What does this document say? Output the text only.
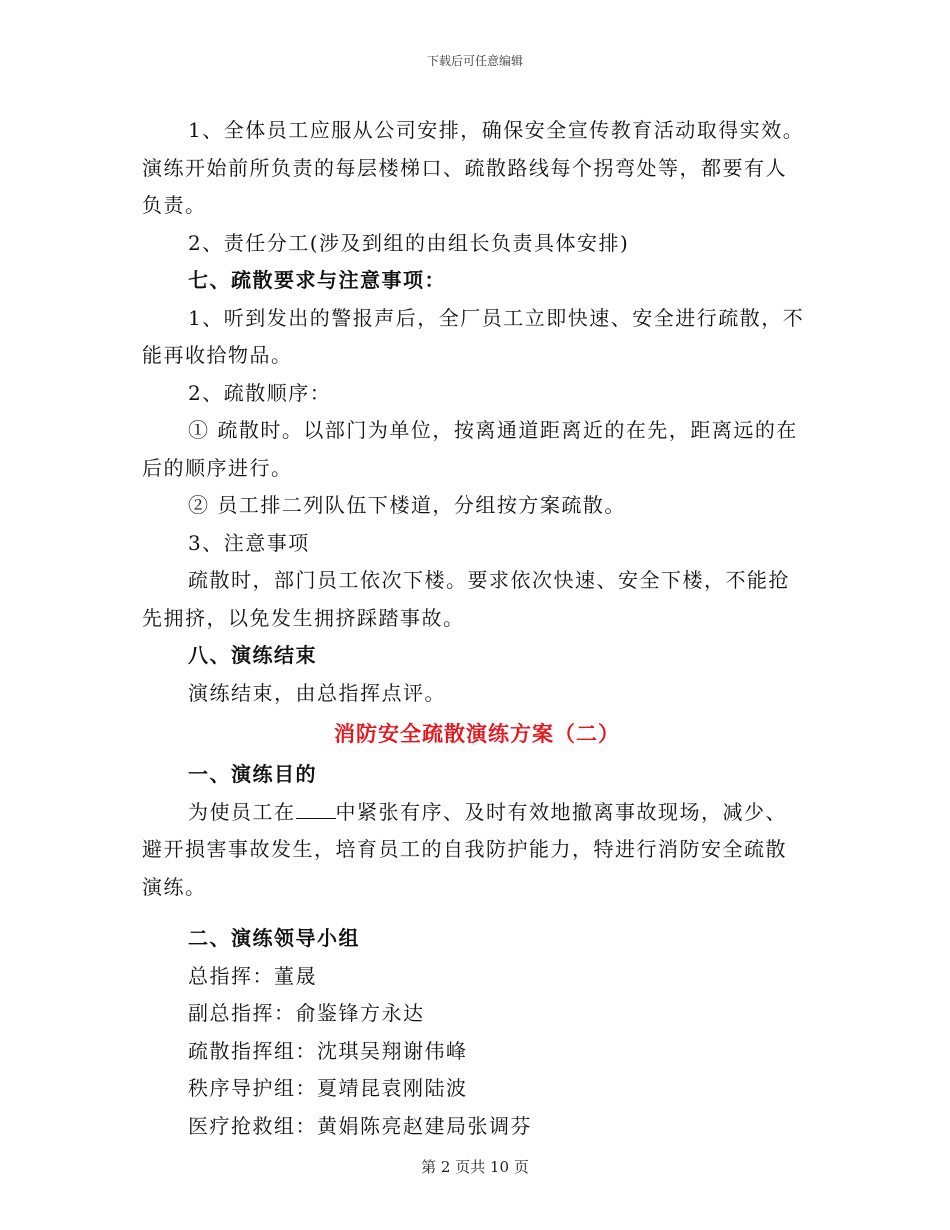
下载后可任意编辑
1、全体员工应服从公司安排，确保安全宣传教育活动取得实效。
演练开始前所负责的每层楼梯口、疏散路线每个拐弯处等，都要有人
负责。
2、责任分工(涉及到组的由组长负责具体安排)
七、疏散要求与注意事项：
1、听到发出的警报声后，全厂员工立即快速、安全进行疏散，不
能再收拾物品。
2、疏散顺序：
① 疏散时。以部门为单位，按离通道距离近的在先，距离远的在
后的顺序进行。
② 员工排二列队伍下楼道，分组按方案疏散。
3、注意事项
疏散时，部门员工依次下楼。要求依次快速、安全下楼，不能抢
先拥挤，以免发生拥挤踩踏事故。
八、演练结束
演练结束，由总指挥点评。
消防安全疏散演练方案（二）
一、演练目的
为使员工在 中紧张有序、及时有效地撤离事故现场，减少、
避开损害事故发生，培育员工的自我防护能力，特进行消防安全疏散
演练。
二、演练领导小组
总指挥：董晟
副总指挥：俞鉴锋方永达
疏散指挥组：沈琪吴翔谢伟峰
秩序导护组：夏靖昆袁刚陆波
医疗抢救组：黄娟陈亮赵建局张调芬
第 2 页共 10 页
